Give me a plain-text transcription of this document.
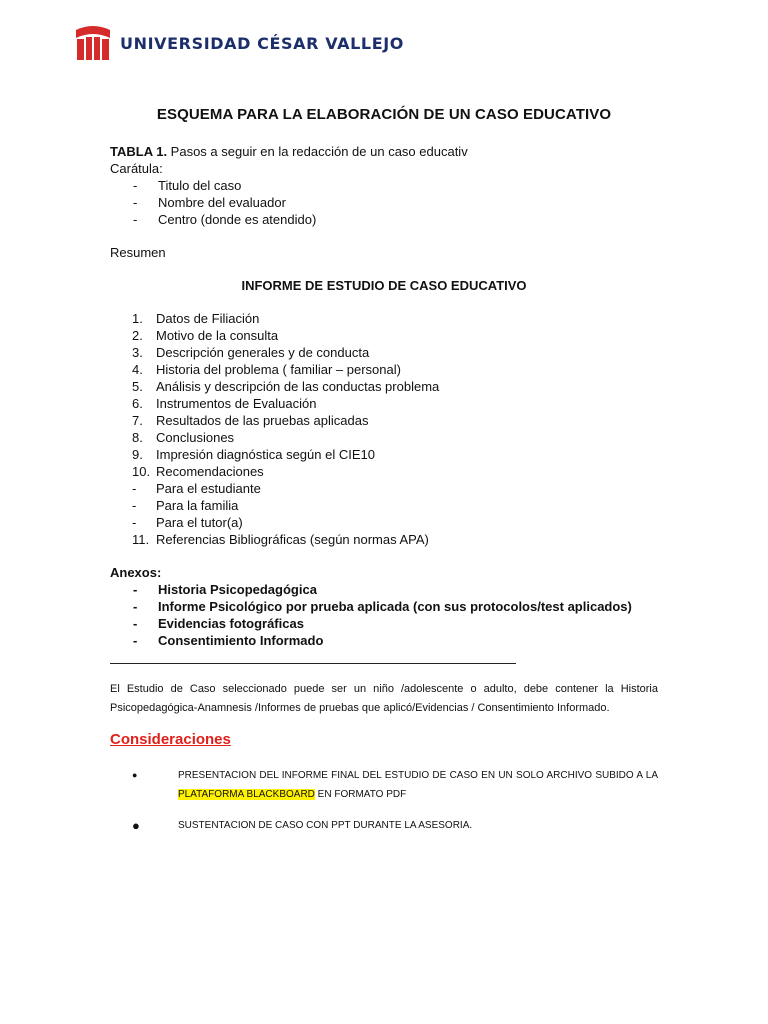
UNIVERSIDAD CÉSAR VALLEJO
ESQUEMA PARA LA ELABORACIÓN DE UN CASO EDUCATIVO
TABLA 1. Pasos a seguir en la redacción de un caso educativ
Carátula:
-	Titulo del caso
-	Nombre del evaluador
-	Centro (donde es atendido)
Resumen
INFORME DE ESTUDIO DE CASO EDUCATIVO
1.	Datos de Filiación
2.	Motivo de la consulta
3.	Descripción generales y de conducta
4.	Historia del problema ( familiar – personal)
5.	Análisis y descripción de las conductas problema
6.	Instrumentos de Evaluación
7.	Resultados de las pruebas aplicadas
8.	Conclusiones
9.	Impresión diagnóstica según el CIE10
10. Recomendaciones
-	Para el estudiante
-	Para la familia
-	Para el tutor(a)
11. Referencias Bibliográficas (según normas APA)
Anexos:
-	Historia Psicopedagógica
-	Informe Psicológico por prueba aplicada (con sus protocolos/test aplicados)
-	Evidencias fotográficas
-	Consentimiento Informado
El Estudio de Caso seleccionado puede ser un niño /adolescente o adulto, debe contener la Historia Psicopedagógica-Anamnesis /Informes de pruebas que aplicó/Evidencias / Consentimiento Informado.
Consideraciones
●	PRESENTACION DEL INFORME FINAL DEL ESTUDIO DE CASO EN UN SOLO ARCHIVO SUBIDO A LA PLATAFORMA BLACKBOARD EN FORMATO PDF
●	SUSTENTACION DE CASO CON PPT DURANTE LA ASESORIA.
